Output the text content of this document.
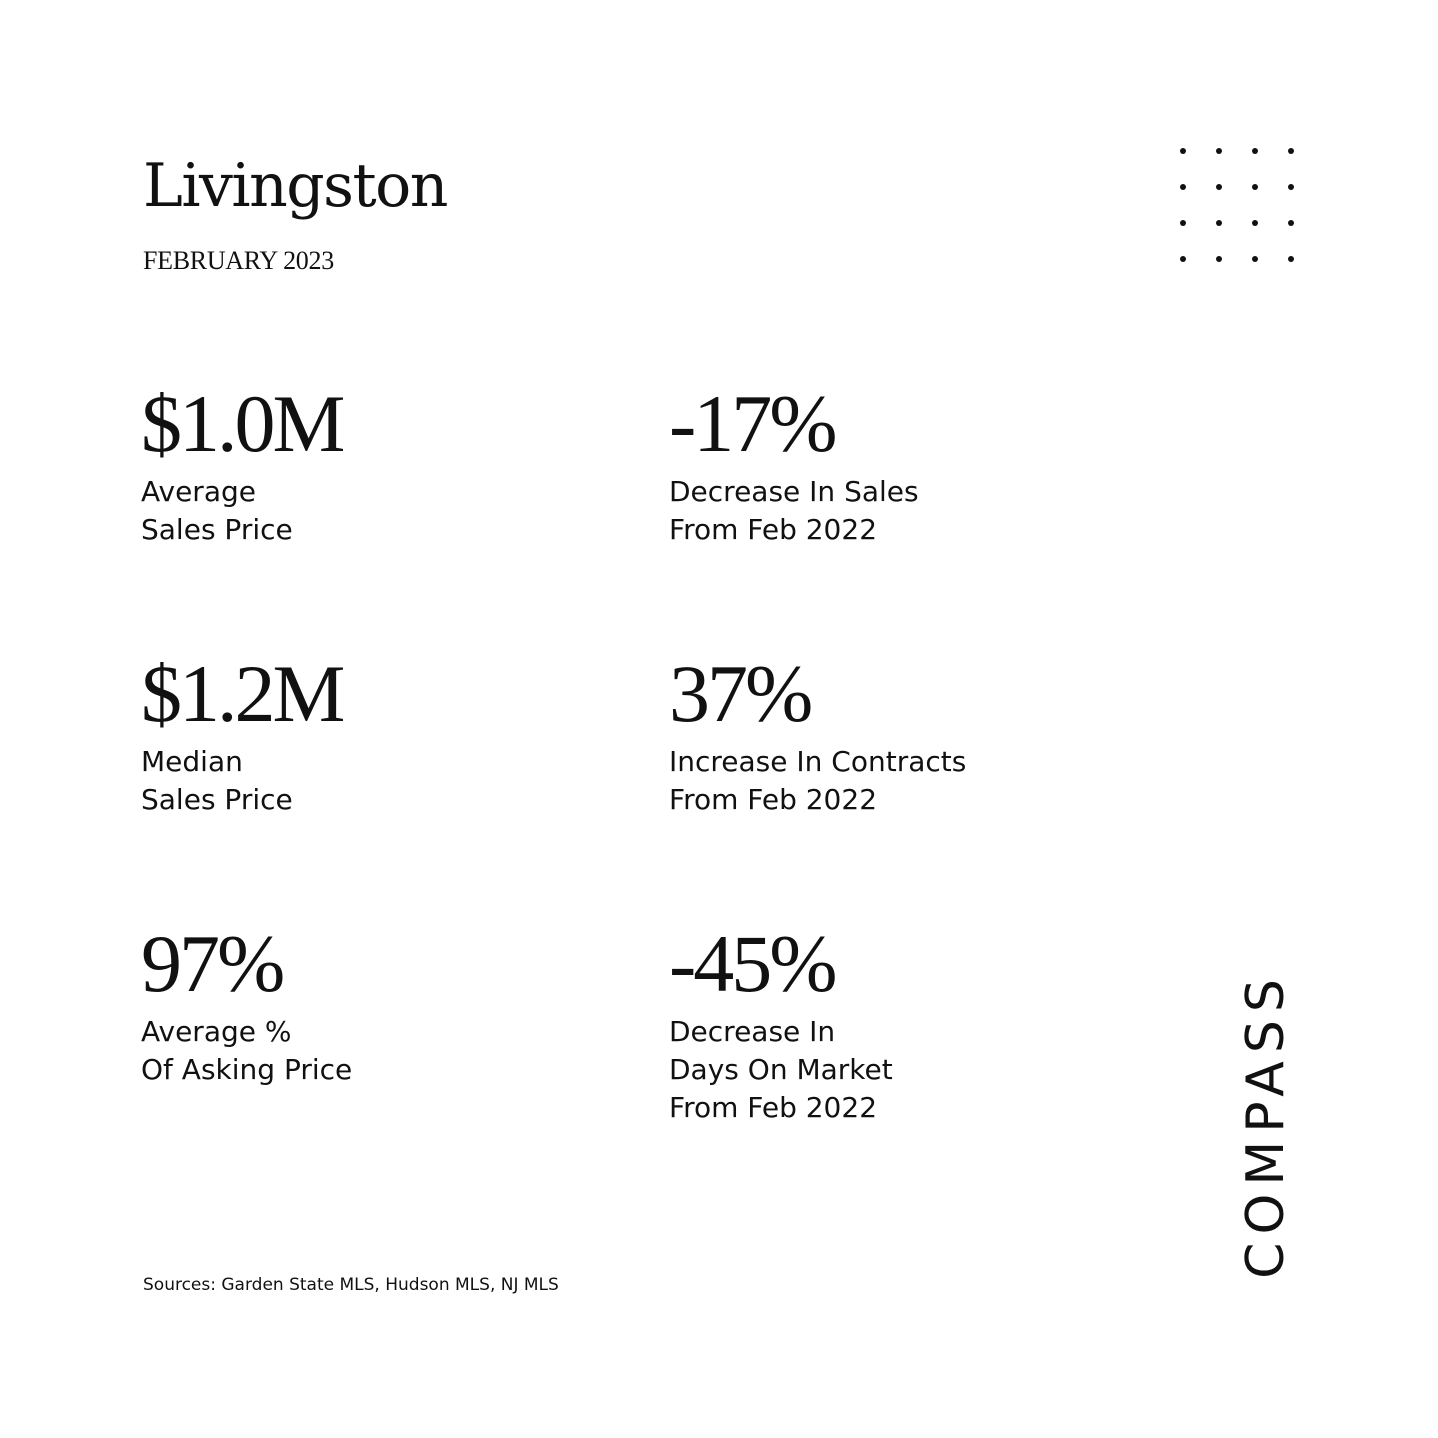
Livingston
FEBRUARY 2023
$1.0M
Average
Sales Price
-17%
Decrease In Sales
From Feb 2022
$1.2M
Median
Sales Price
37%
Increase In Contracts
From Feb 2022
97%
Average %
Of Asking Price
-45%
Decrease In
Days On Market
From Feb 2022
Sources: Garden State MLS, Hudson MLS, NJ MLS
COMPASS
